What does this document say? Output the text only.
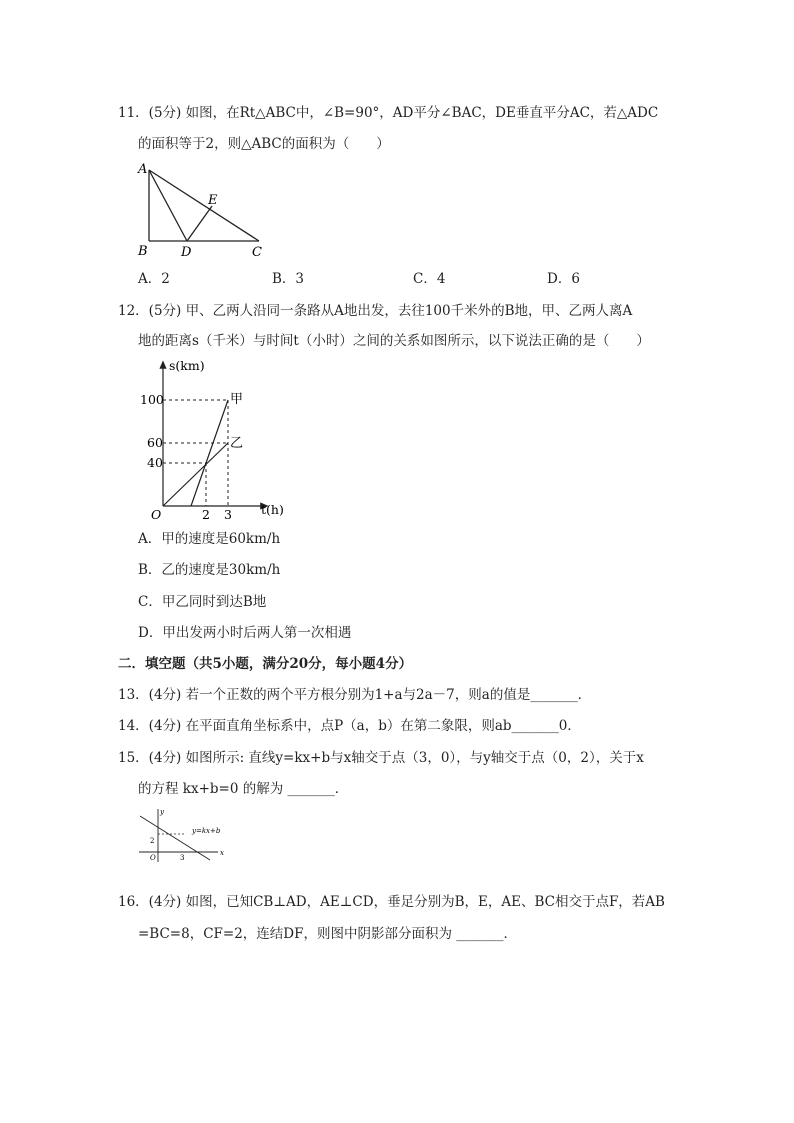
11．(5分) 如图，在Rt△ABC中，∠B=90°，AD平分∠BAC，DE垂直平分AC，若△ADC
的面积等于2，则△ABC的面积为（　　）
A
B	D	C
E
A．2	B．3	C．4	D．6
12．(5分) 甲、乙两人沿同一条路从A地出发，去往100千米外的B地，甲、乙两人离A
地的距离s（千米）与时间t（小时）之间的关系如图所示，以下说法正确的是（　　）
s(km)
100
60
40
O	2 3 t(h)
甲
乙
A．甲的速度是60km/h
B．乙的速度是30km/h
C．甲乙同时到达B地
D．甲出发两小时后两人第一次相遇
二．填空题（共5小题，满分20分，每小题4分）
13．(4分) 若一个正数的两个平方根分别为1+a与2a－7，则a的值是_______．
14．(4分) 在平面直角坐标系中，点P（a，b）在第二象限，则ab_______0．
15．(4分) 如图所示: 直线y=kx+b与x轴交于点（3，0），与y轴交于点（0，2），关于x
的方程 kx+b=0 的解为 _______．
y
x
O
2
3
y=kx+b
16．(4分) 如图，已知CB⊥AD，AE⊥CD，垂足分别为B，E，AE、BC相交于点F，若AB
=BC=8，CF=2，连结DF，则图中阴影部分面积为 _______．
